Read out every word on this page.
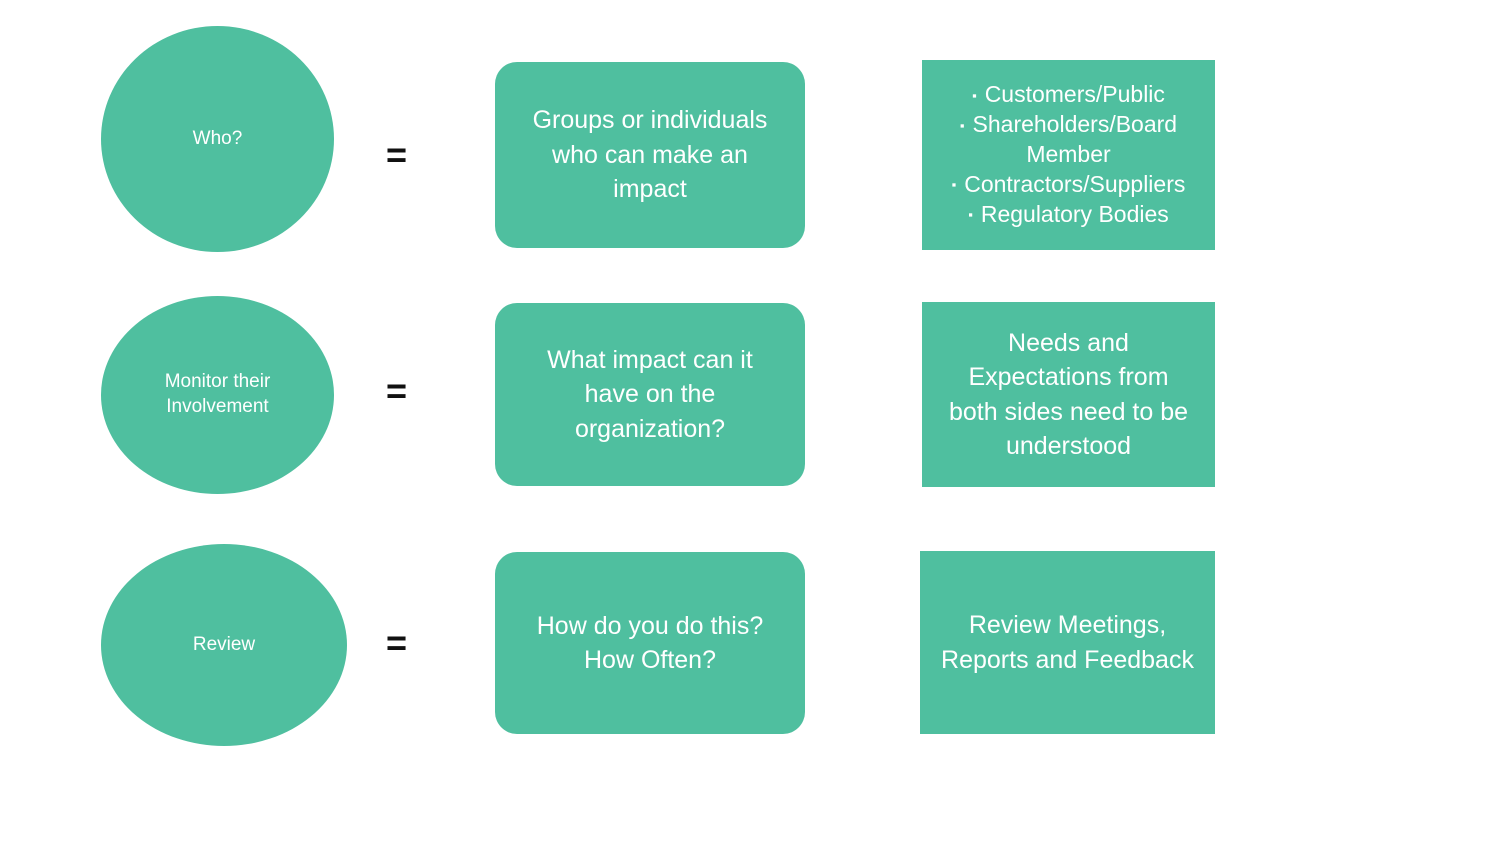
Who?	=
Groups or individuals who can make an impact
▪ Customers/Public
▪ Shareholders/Board Member
▪ Contractors/Suppliers
▪ Regulatory Bodies
Monitor their Involvement	=
What impact can it have on the organization?
Needs and Expectations from both sides need to be understood
Review	=	How do you do this? How Often?
Review Meetings, Reports and Feedback
